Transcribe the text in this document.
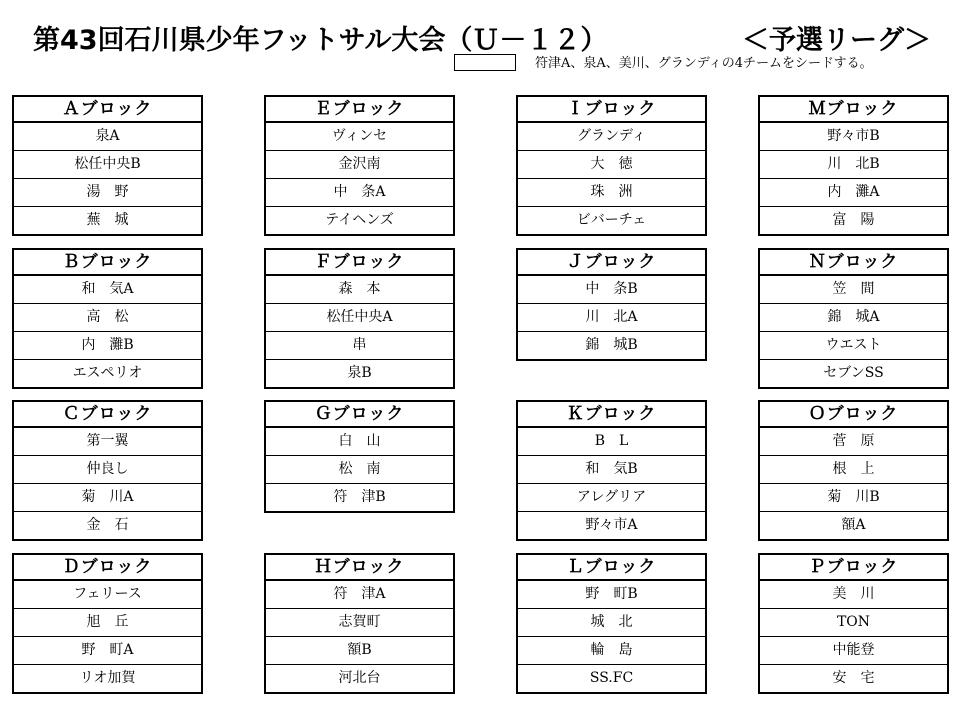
第43回石川県少年フットサル大会（Ｕ－１２）	＜予選リーグ＞
符津A、泉A、美川、グランディの4チームをシードする。
Ａブロック
泉A
松任中央B
湯　野
蕪　城
Ｅブロック
ヴィンセ
金沢南
中　条A
テイヘンズ
Ｉブロック
グランディ
大　徳
珠　洲
ビバーチェ
Ｍブロック
野々市B
川　北B
内　灘A
富　陽
Ｂブロック
和　気A
高　松
内　灘B
エスペリオ
Ｆブロック
森　本
松任中央A
串
泉B
Ｊブロック
中　条B
川　北A
錦　城B
Ｎブロック
笠　間
錦　城A
ウエスト
セブンSS
Ｃブロック
第一翼
仲良し
菊　川A
金　石
Ｇブロック
白　山
松　南
符　津B
Ｋブロック
B　L
和　気B
アレグリア
野々市A
Ｏブロック
菅　原
根　上
菊　川B
額A
Ｄブロック
フェリース
旭　丘
野　町A
リオ加賀
Ｈブロック
符　津A
志賀町
額B
河北台
Ｌブロック
野　町B
城　北
輪　島
SS.FC
Ｐブロック
美　川
TON
中能登
安　宅
